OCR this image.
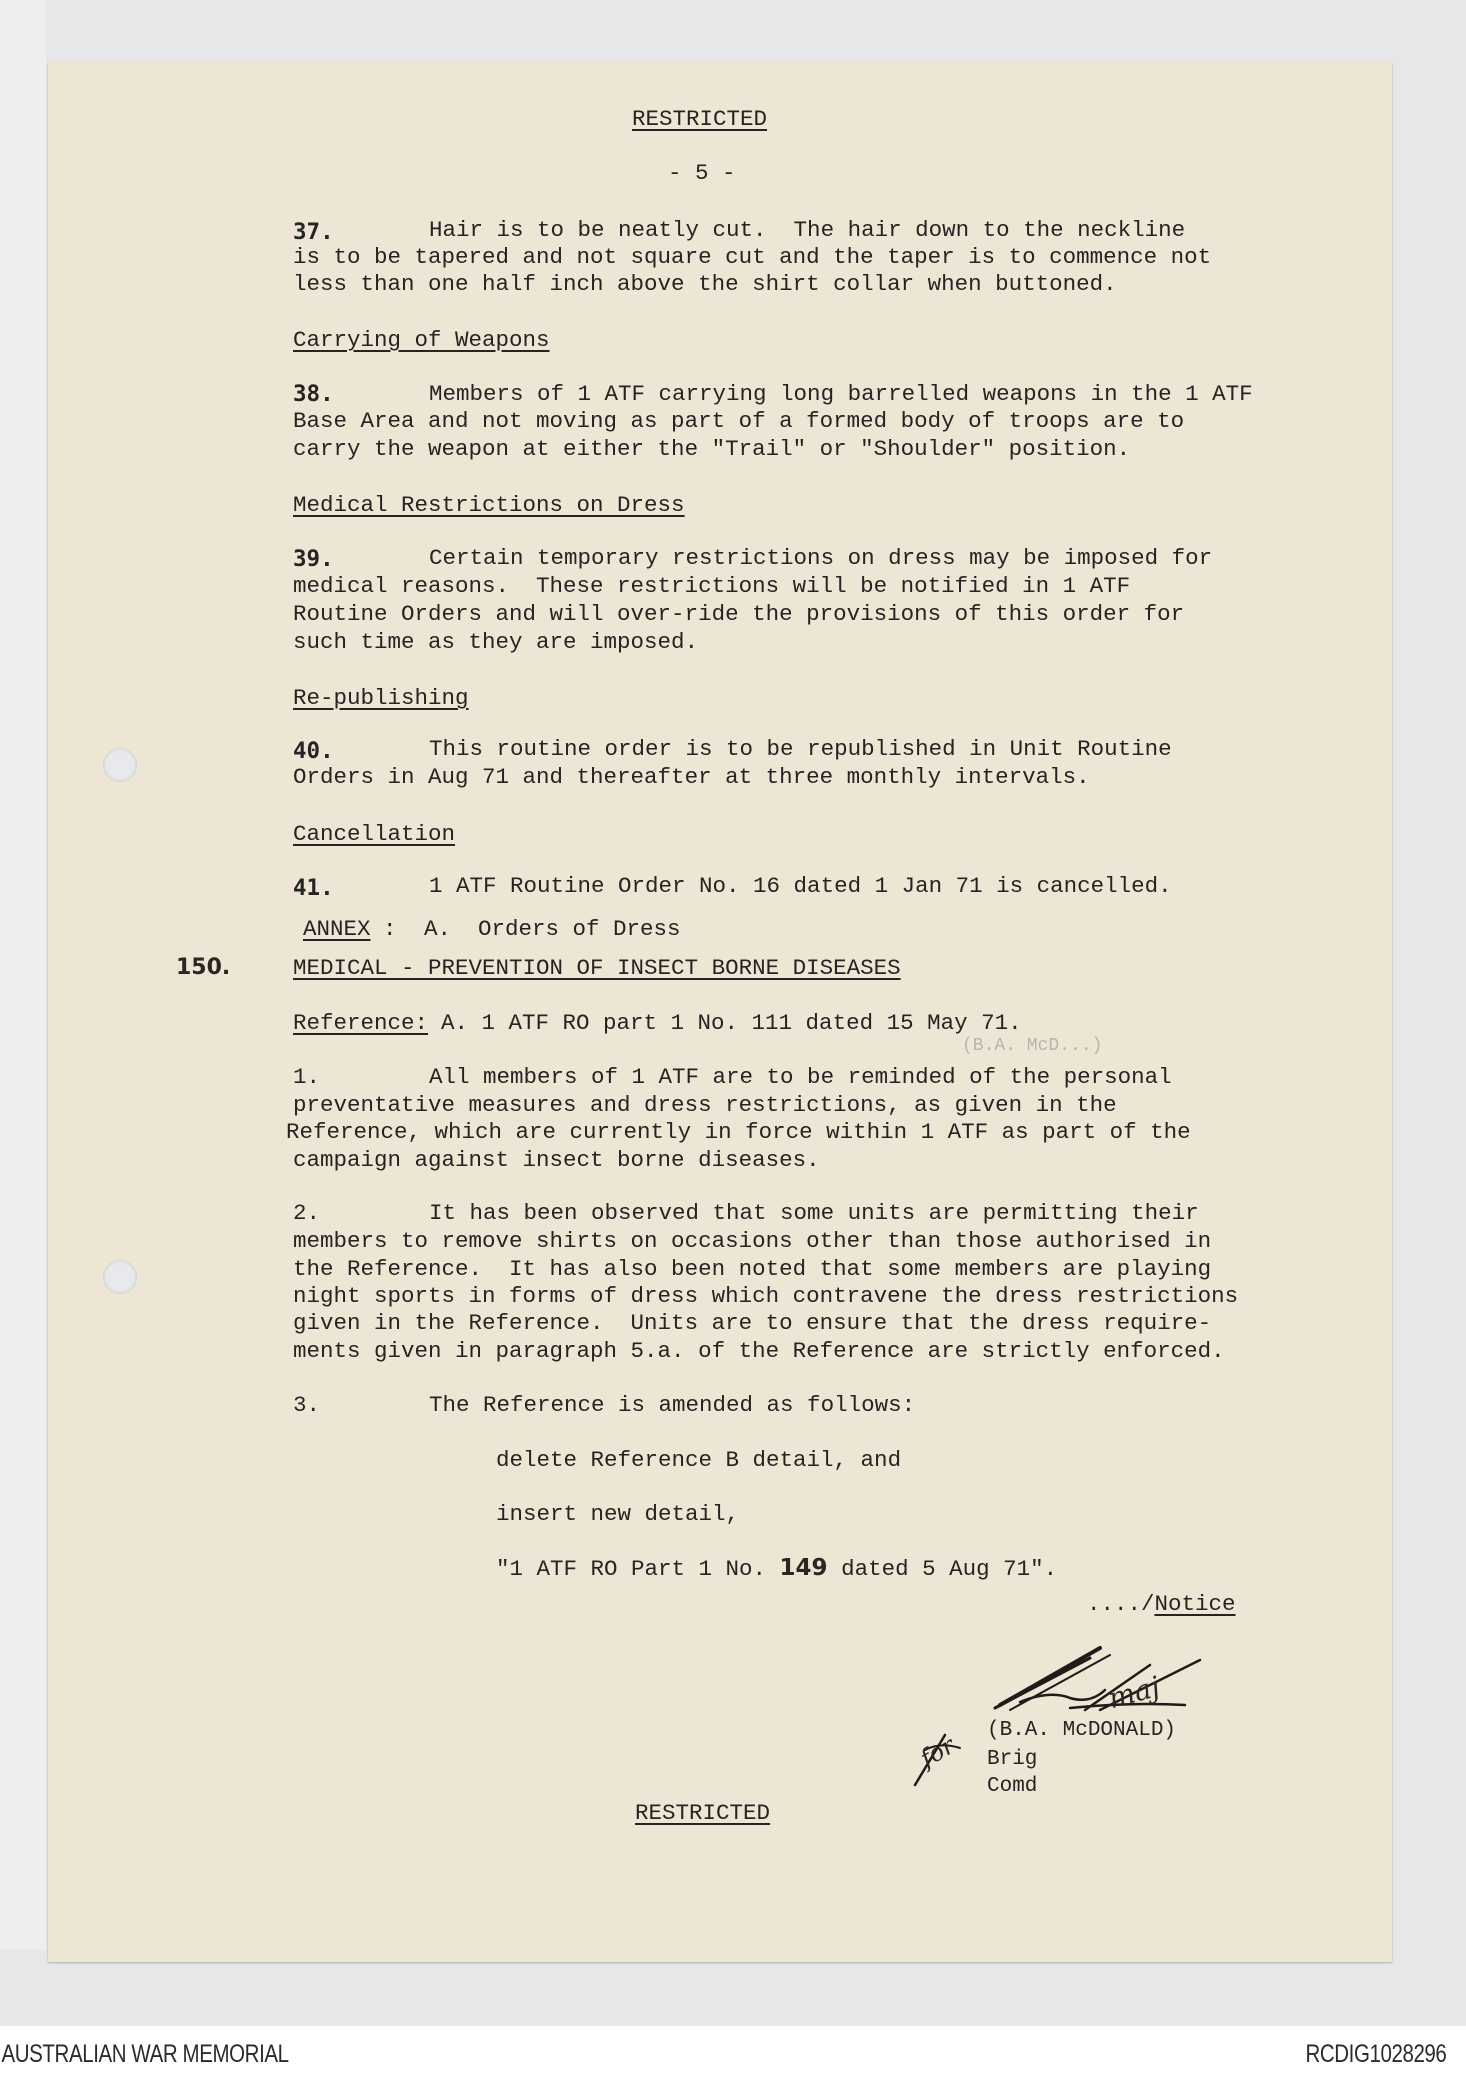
RESTRICTED
- 5 -
37.	Hair is to be neatly cut.  The hair down to the neckline
is to be tapered and not square cut and the taper is to commence not
less than one half inch above the shirt collar when buttoned.
Carrying of Weapons
38.	Members of 1 ATF carrying long barrelled weapons in the 1 ATF
Base Area and not moving as part of a formed body of troops are to
carry the weapon at either the "Trail" or "Shoulder" position.
Medical Restrictions on Dress
39.	Certain temporary restrictions on dress may be imposed for
medical reasons.  These restrictions will be notified in 1 ATF
Routine Orders and will over-ride the provisions of this order for
such time as they are imposed.
Re-publishing
40.	This routine order is to be republished in Unit Routine
Orders in Aug 71 and thereafter at three monthly intervals.
Cancellation
41.	1 ATF Routine Order No. 16 dated 1 Jan 71 is cancelled.
ANNEX : A.  Orders of Dress
150.	MEDICAL - PREVENTION OF INSECT BORNE DISEASES
Reference: A. 1 ATF RO part 1 No. 111 dated 15 May 71.
(B.A. McD...)
1.	All members of 1 ATF are to be reminded of the personal
preventative measures and dress restrictions, as given in the
Reference, which are currently in force within 1 ATF as part of the
campaign against insect borne diseases.
2.	It has been observed that some units are permitting their
members to remove shirts on occasions other than those authorised in
the Reference.  It has also been noted that some members are playing
night sports in forms of dress which contravene the dress restrictions
given in the Reference.  Units are to ensure that the dress require-
ments given in paragraph 5.a. of the Reference are strictly enforced.
3.	The Reference is amended as follows:
delete Reference B detail, and
insert new detail,
"1 ATF RO Part 1 No. 149 dated 5 Aug 71".
..../Notice
maj
for
(B.A. McDONALD)
Brig
Comd
RESTRICTED
AUSTRALIAN WAR MEMORIAL	RCDIG1028296
